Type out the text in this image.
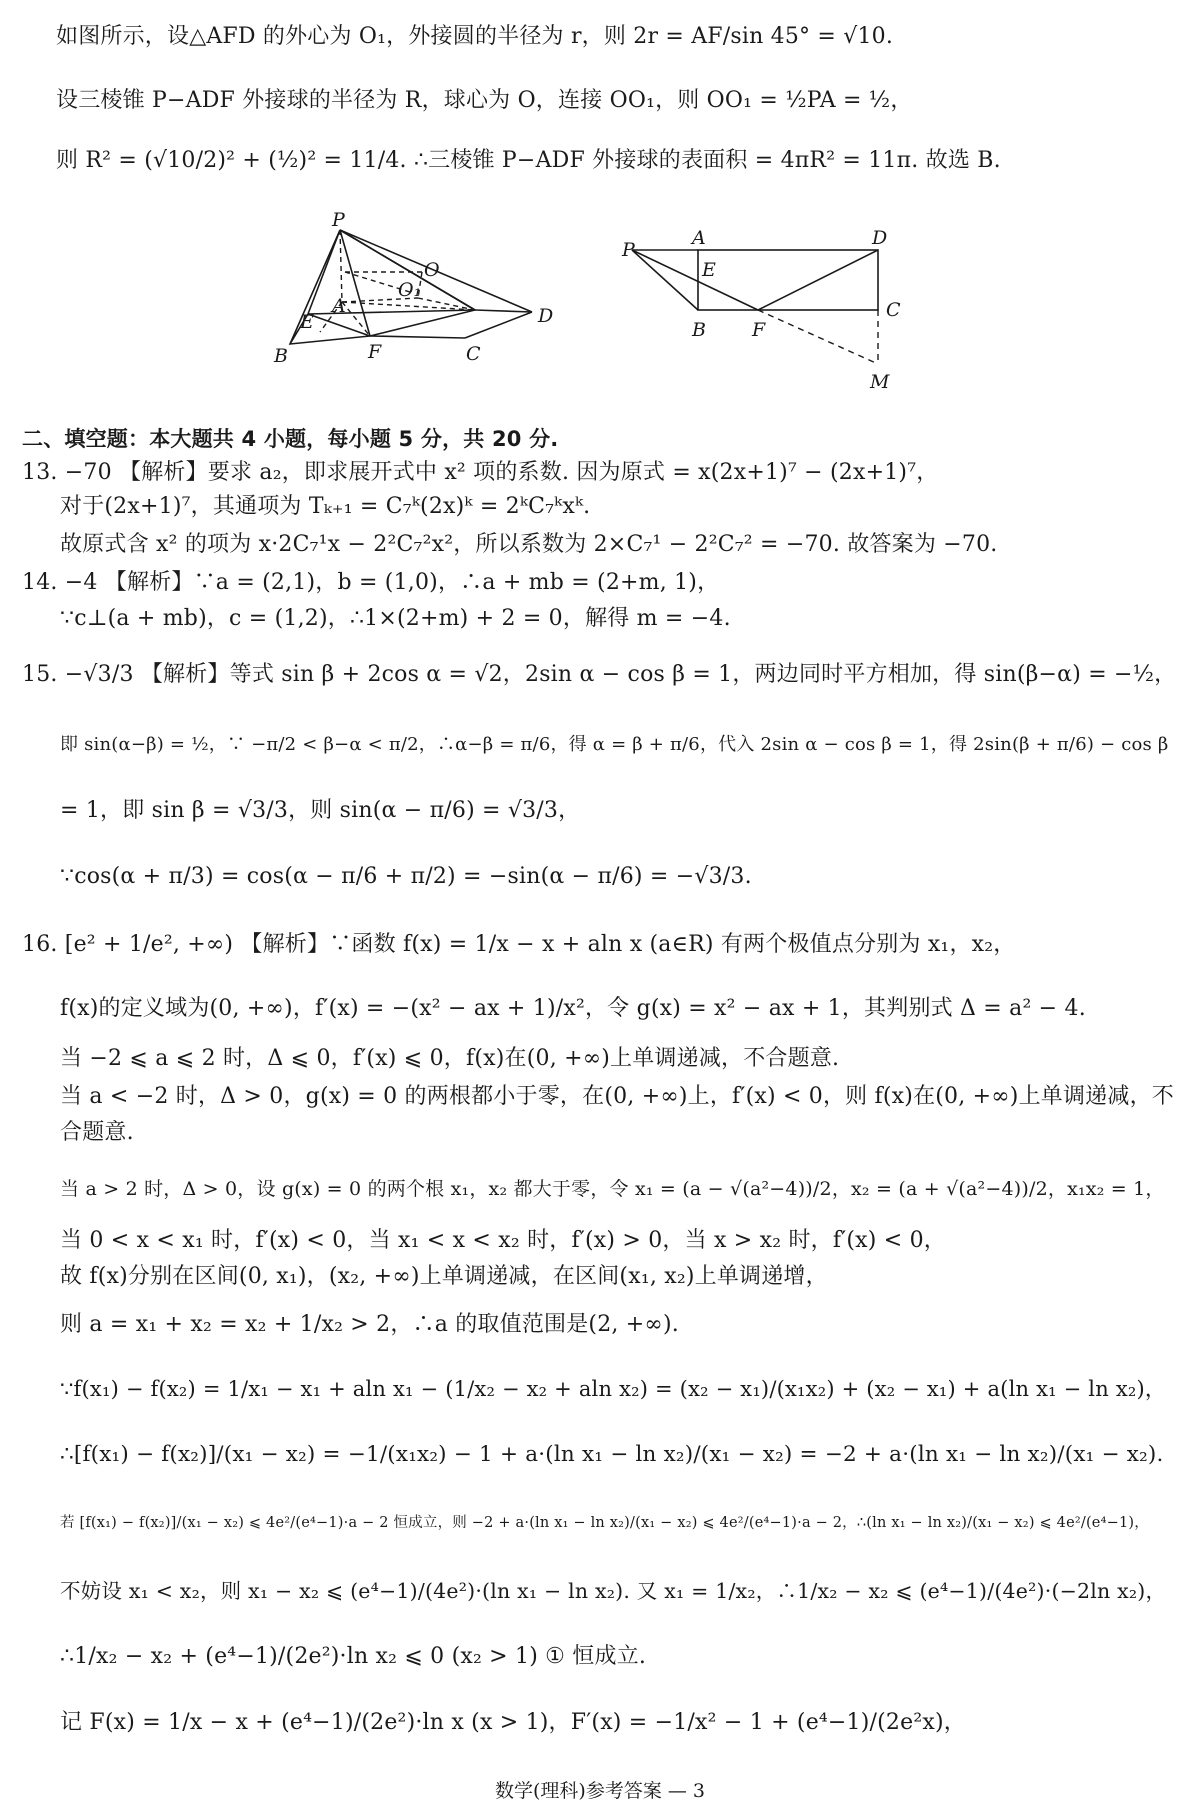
如图所示，设△AFD 的外心为 O₁，外接圆的半径为 r，则 2r = AF/sin 45° = √10.
设三棱锥 P−ADF 外接球的半径为 R，球心为 O，连接 OO₁，则 OO₁ = ½PA = ½，
则 R² = (√10/2)² + (½)² = 11/4. ∴三棱锥 P−ADF 外接球的表面积 = 4πR² = 11π. 故选 B.
P
O
O₁
A
E
B	F	C
D
P
A	D
E
C
B F
M
二、填空题：本大题共 4 小题，每小题 5 分，共 20 分.
13. −70 【解析】要求 a₂，即求展开式中 x² 项的系数. 因为原式 = x(2x+1)⁷ − (2x+1)⁷，
对于(2x+1)⁷，其通项为 Tₖ₊₁ = C₇ᵏ(2x)ᵏ = 2ᵏC₇ᵏxᵏ.
故原式含 x² 的项为 x·2C₇¹x − 2²C₇²x²，所以系数为 2×C₇¹ − 2²C₇² = −70. 故答案为 −70.
14. −4 【解析】∵a = (2,1)，b = (1,0)，∴a + mb = (2+m, 1)，
∵c⊥(a + mb)，c = (1,2)，∴1×(2+m) + 2 = 0，解得 m = −4.
15. −√3/3 【解析】等式 sin β + 2cos α = √2，2sin α − cos β = 1，两边同时平方相加，得 sin(β−α) = −½，
即 sin(α−β) = ½，∵ −π/2 < β−α < π/2，∴α−β = π/6，得 α = β + π/6，代入 2sin α − cos β = 1，得 2sin(β + π/6) − cos β
= 1，即 sin β = √3/3，则 sin(α − π/6) = √3/3，
∵cos(α + π/3) = cos(α − π/6 + π/2) = −sin(α − π/6) = −√3/3.
16. [e² + 1/e², +∞) 【解析】∵函数 f(x) = 1/x − x + aln x (a∈R) 有两个极值点分别为 x₁，x₂，
f(x)的定义域为(0, +∞)，f′(x) = −(x² − ax + 1)/x²，令 g(x) = x² − ax + 1，其判别式 Δ = a² − 4.
当 −2 ⩽ a ⩽ 2 时，Δ ⩽ 0，f′(x) ⩽ 0，f(x)在(0, +∞)上单调递减，不合题意.
当 a < −2 时，Δ > 0，g(x) = 0 的两根都小于零，在(0, +∞)上，f′(x) < 0，则 f(x)在(0, +∞)上单调递减，不
合题意.
当 a > 2 时，Δ > 0，设 g(x) = 0 的两个根 x₁，x₂ 都大于零，令 x₁ = (a − √(a²−4))/2，x₂ = (a + √(a²−4))/2，x₁x₂ = 1，
当 0 < x < x₁ 时，f′(x) < 0，当 x₁ < x < x₂ 时，f′(x) > 0，当 x > x₂ 时，f′(x) < 0，
故 f(x)分别在区间(0, x₁)，(x₂, +∞)上单调递减，在区间(x₁, x₂)上单调递增，
则 a = x₁ + x₂ = x₂ + 1/x₂ > 2，∴a 的取值范围是(2, +∞).
∵f(x₁) − f(x₂) = 1/x₁ − x₁ + aln x₁ − (1/x₂ − x₂ + aln x₂) = (x₂ − x₁)/(x₁x₂) + (x₂ − x₁) + a(ln x₁ − ln x₂)，
∴[f(x₁) − f(x₂)]/(x₁ − x₂) = −1/(x₁x₂) − 1 + a·(ln x₁ − ln x₂)/(x₁ − x₂) = −2 + a·(ln x₁ − ln x₂)/(x₁ − x₂).
若 [f(x₁) − f(x₂)]/(x₁ − x₂) ⩽ 4e²/(e⁴−1)·a − 2 恒成立，则 −2 + a·(ln x₁ − ln x₂)/(x₁ − x₂) ⩽ 4e²/(e⁴−1)·a − 2，∴(ln x₁ − ln x₂)/(x₁ − x₂) ⩽ 4e²/(e⁴−1)，
不妨设 x₁ < x₂，则 x₁ − x₂ ⩽ (e⁴−1)/(4e²)·(ln x₁ − ln x₂). 又 x₁ = 1/x₂，∴1/x₂ − x₂ ⩽ (e⁴−1)/(4e²)·(−2ln x₂)，
∴1/x₂ − x₂ + (e⁴−1)/(2e²)·ln x₂ ⩽ 0 (x₂ > 1) ① 恒成立.
记 F(x) = 1/x − x + (e⁴−1)/(2e²)·ln x (x > 1)，F′(x) = −1/x² − 1 + (e⁴−1)/(2e²x)，
数学(理科)参考答案 — 3
